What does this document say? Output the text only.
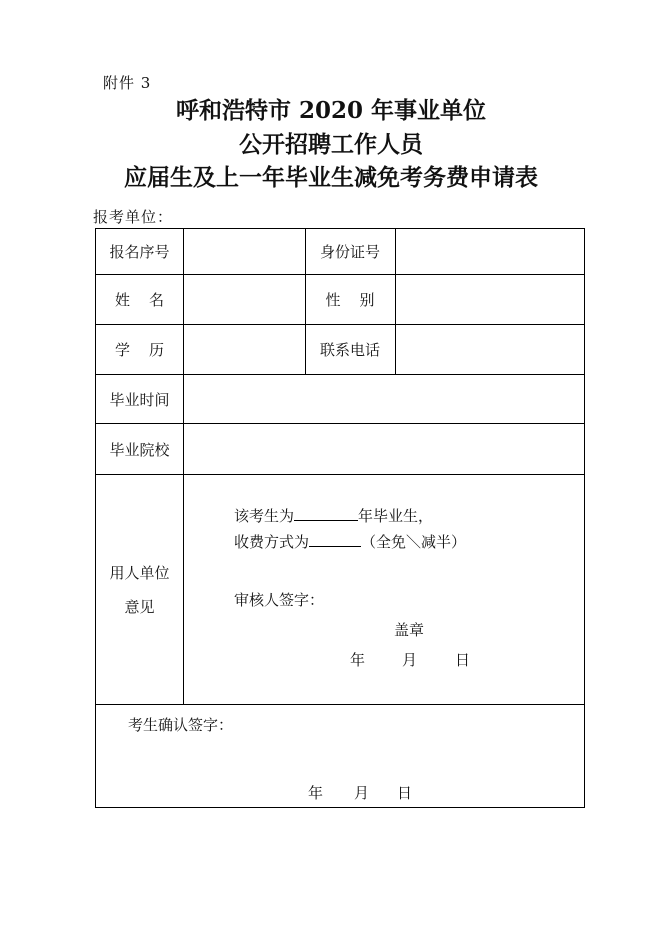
附件 3
呼和浩特市 2020 年事业单位
公开招聘工作人员
应届生及上一年毕业生减免考务费申请表
报考单位：
报名序号	身份证号
姓    名	性    别
学    历	联系电话
毕业时间
毕业院校
用人单位
意见
该考生为	年毕业生，
收费方式为	（全免＼减半）
审核人签字：
盖章
年 月	日
考生确认签字：
年 月 日
